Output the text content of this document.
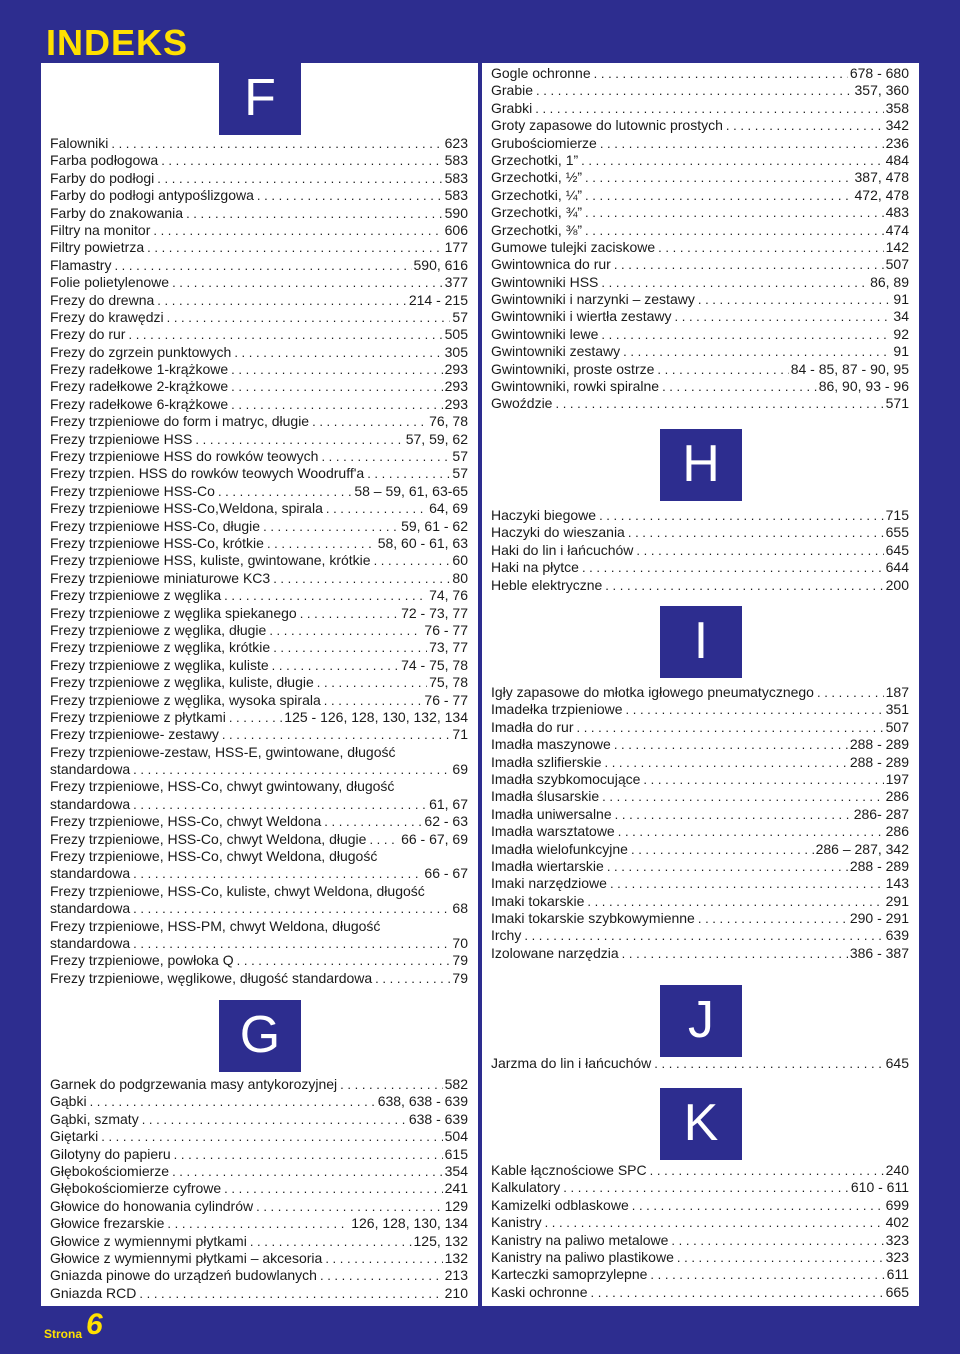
INDEKS
F
Falowniki . . .	623
Farba podłogowa . . .	583
Farby do podłogi . . .	583
Farby do podłogi antypoślizgowa . . .	583
Farby do znakowania . . .	590
Filtry na monitor . . .	606
Filtry powietrza . . .	177
Flamastry . . .	590, 616
Folie polietylenowe . . .	377
Frezy do drewna . . .	214 - 215
Frezy do krawędzi . . .	57
Frezy do rur . . .	505
Frezy do zgrzein punktowych . . .	305
Frezy radełkowe 1-krążkowe . . .	293
Frezy radełkowe 2-krążkowe . . .	293
Frezy radełkowe 6-krążkowe . . .	293
Frezy trzpieniowe do form i matryc, długie . . .	76, 78
Frezy trzpieniowe HSS . . .	57, 59, 62
Frezy trzpieniowe HSS do rowków teowych . . .	57
Frezy trzpien. HSS do rowków teowych Woodruff'a . . .	57
Frezy trzpieniowe HSS-Co . . .	58 – 59, 61, 63-65
Frezy trzpieniowe HSS-Co,Weldona, spirala . . .	64, 69
Frezy trzpieniowe HSS-Co, długie . . .	59, 61 - 62
Frezy trzpieniowe HSS-Co, krótkie . . .	58, 60 - 61, 63
Frezy trzpieniowe HSS, kuliste, gwintowane, krótkie . . .	60
Frezy trzpieniowe miniaturowe KC3 . . .	80
Frezy trzpieniowe z węglika . . .	74, 76
Frezy trzpieniowe z węglika spiekanego . . .	72 - 73, 77
Frezy trzpieniowe z węglika, długie . . .	76 - 77
Frezy trzpieniowe z węglika, krótkie . . .	73, 77
Frezy trzpieniowe z węglika, kuliste . . .	74 - 75, 78
Frezy trzpieniowe z węglika, kuliste, długie . . .	75, 78
Frezy trzpieniowe z węglika, wysoka spirala . . .	76 - 77
Frezy trzpieniowe z płytkami . . .	125 - 126, 128, 130, 132, 134
Frezy trzpieniowe- zestawy . . .	71
Frezy trzpieniowe-zestaw, HSS-E, gwintowane, długość
standardowa . . .	69
Frezy trzpieniowe, HSS-Co, chwyt gwintowany, długość
standardowa . . .	61, 67
Frezy trzpieniowe, HSS-Co, chwyt Weldona . . .	62 - 63
Frezy trzpieniowe, HSS-Co, chwyt Weldona, długie . . . 66 - 67, 69
Frezy trzpieniowe, HSS-Co, chwyt Weldona, długość
standardowa . . .	66 - 67
Frezy trzpieniowe, HSS-Co, kuliste, chwyt Weldona, długość
standardowa . . .	68
Frezy trzpieniowe, HSS-PM, chwyt Weldona, długość
standardowa . . .	70
Frezy trzpieniowe, powłoka Q . . .	79
Frezy trzpieniowe, węglikowe, długość standardowa . . .	79
G
Garnek do podgrzewania masy antykorozyjnej . . .	582
Gąbki . . .	638, 638 - 639
Gąbki, szmaty . . .	638 - 639
Giętarki . . .	504
Gilotyny do papieru . . .	615
Głębokościomierze . . .	354
Głębokościomierze cyfrowe . . .	241
Głowice do honowania cylindrów . . .	129
Głowice frezarskie . . .	126, 128, 130, 134
Głowice z wymiennymi płytkami . . .	125, 132
Głowice z wymiennymi płytkami – akcesoria . . .	132
Gniazda pinowe do urządzeń budowlanych . . .	213
Gniazda RCD . . .	210
Gogle ochronne . . .	678 - 680
Grabie . . .	357, 360
Grabki . . .	358
Groty zapasowe do lutownic prostych . . .	342
Grubościomierze . . .	236
Grzechotki, 1” . . .	484
Grzechotki, ½” . . .	387, 478
Grzechotki, ¼” . . .	472, 478
Grzechotki, ¾” . . .	483
Grzechotki, ⅜” . . .	474
Gumowe tulejki zaciskowe . . .	142
Gwintownica do rur . . .	507
Gwintowniki HSS . . .	86, 89
Gwintowniki i narzynki – zestawy . . .	91
Gwintowniki i wiertła zestawy . . .	34
Gwintowniki lewe . . .	92
Gwintowniki zestawy . . .	91
Gwintowniki, proste ostrze . . .	84 - 85, 87 - 90, 95
Gwintowniki, rowki spiralne . . .	86, 90, 93 - 96
Gwoździe . . .	571
H
Haczyki biegowe . . .	715
Haczyki do wieszania . . .	655
Haki do lin i łańcuchów . . .	645
Haki na płytce . . .	644
Heble elektryczne . . .	200
I
Igły zapasowe do młotka igłowego pneumatycznego . . .	187
Imadełka trzpieniowe . . .	351
Imadła do rur . . .	507
Imadła maszynowe . . .	288 - 289
Imadła szlifierskie . . .	288 - 289
Imadła szybkomocujące . . .	197
Imadła ślusarskie . . .	286
Imadła uniwersalne . . .	286- 287
Imadła warsztatowe . . .	286
Imadła wielofunkcyjne . . .	286 – 287, 342
Imadła wiertarskie . . .	288 - 289
Imaki narzędziowe . . .	143
Imaki tokarskie . . .	291
Imaki tokarskie szybkowymienne . . .	290 - 291
Irchy . . .	639
Izolowane narzędzia . . .	386 - 387
J
Jarzma do lin i łańcuchów . . .	645
K
Kable łącznościowe SPC . . .	240
Kalkulatory . . .	610 - 611
Kamizelki odblaskowe . . .	699
Kanistry . . .	402
Kanistry na paliwo metalowe . . .	323
Kanistry na paliwo plastikowe . . .	323
Karteczki samoprzylepne . . .	611
Kaski ochronne . . .	665
Strona 6
